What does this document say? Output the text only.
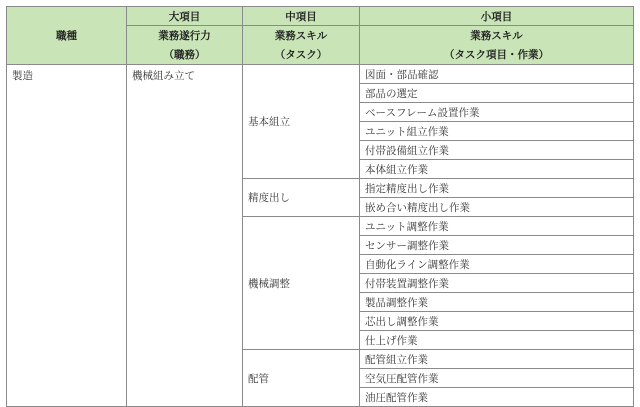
職種	大項目	中項目	小項目
	業務遂行力	業務スキル	業務スキル
	（職務）	（タスク）	（タスク項目・作業）
製造	機械組み立て	基本組立	図面・部品確認
			部品の選定
			ベースフレーム設置作業
			ユニット組立作業
			付帯設備組立作業
			本体組立作業
		精度出し	指定精度出し作業
			嵌め合い精度出し作業
		機械調整	ユニット調整作業
			センサー調整作業
			自動化ライン調整作業
			付帯装置調整作業
			製品調整作業
			芯出し調整作業
			仕上げ作業
		配管	配管組立作業
			空気圧配管作業
			油圧配管作業
